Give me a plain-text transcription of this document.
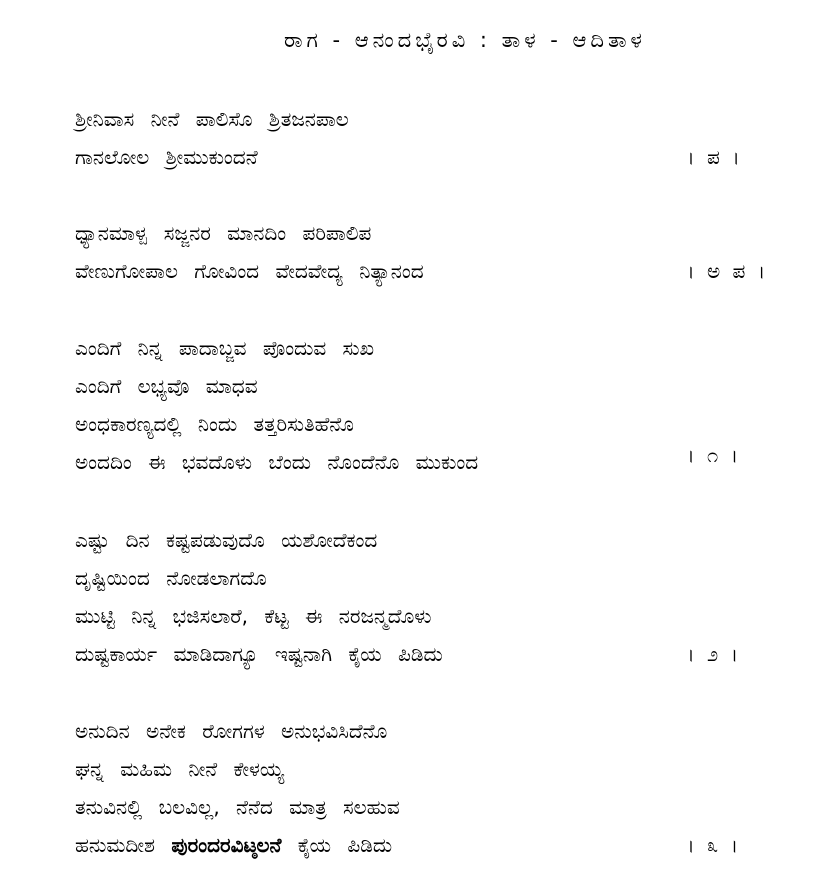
ರಾಗ - ಆನಂದಭೈರವಿ : ತಾಳ - ಆದಿತಾಳ
ಶ್ರೀನಿವಾಸ ನೀನೆ ಪಾಲಿಸೊ ಶ್ರಿತಜನಪಾಲ
ಗಾನಲೋಲ ಶ್ರೀಮುಕುಂದನೆ	। ಪ ।
ಧ್ಯಾನಮಾಳ್ಪ ಸಜ್ಜನರ ಮಾನದಿಂ ಪರಿಪಾಲಿಪ
ವೇಣುಗೋಪಾಲ ಗೋವಿಂದ ವೇದವೇದ್ಯ ನಿತ್ಯಾನಂದ	। ಅ ಪ ।
ಎಂದಿಗೆ ನಿನ್ನ ಪಾದಾಬ್ಜವ ಪೊಂದುವ ಸುಖ
ಎಂದಿಗೆ ಲಭ್ಯವೊ ಮಾಧವ
ಅಂಧಕಾರಣ್ಯದಲ್ಲಿ ನಿಂದು ತತ್ತರಿಸುತಿಹೆನೊ
ಅಂದದಿಂ ಈ ಭವದೊಳು ಬೆಂದು ನೊಂದೆನೊ ಮುಕುಂದ	। ೧ ।
ಎಷ್ಟು ದಿನ ಕಷ್ಟಪಡುವುದೊ ಯಶೋದೆಕಂದ
ದೃಷ್ಟಿಯಿಂದ ನೋಡಲಾಗದೊ
ಮುಟ್ಟಿ ನಿನ್ನ ಭಜಿಸಲಾರೆ, ಕೆಟ್ಟ ಈ ನರಜನ್ಮದೊಳು
ದುಷ್ಟಕಾರ್ಯ ಮಾಡಿದಾಗ್ಯೂ ಇಷ್ಟನಾಗಿ ಕೈಯ ಪಿಡಿದು	। ೨ ।
ಅನುದಿನ ಅನೇಕ ರೋಗಗಳ ಅನುಭವಿಸಿದೆನೊ
ಘನ್ನ ಮಹಿಮ ನೀನೆ ಕೇಳಯ್ಯ
ತನುವಿನಲ್ಲಿ ಬಲವಿಲ್ಲ, ನೆನೆದ ಮಾತ್ರ ಸಲಹುವ
ಹನುಮದೀಶ ಪುರಂದರವಿಟ್ಠಲನೆ ಕೈಯ ಪಿಡಿದು	। ೩ ।
